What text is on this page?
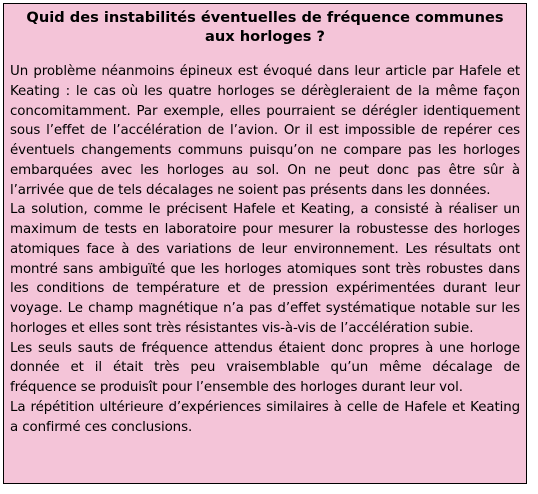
Quid des instabilités éventuelles de fréquence communes aux horloges ?

Un problème néanmoins épineux est évoqué dans leur article par Hafele et Keating : le cas où les quatre horloges se dérègleraient de la même façon concomitamment. Par exemple, elles pourraient se dérégler identiquement sous l’effet de l’accélération de l’avion. Or il est impossible de repérer ces éventuels changements communs puisqu’on ne compare pas les horloges embarquées avec les horloges au sol. On ne peut donc pas être sûr à l’arrivée que de tels décalages ne soient pas présents dans les données.

La solution, comme le précisent Hafele et Keating, a consisté à réaliser un maximum de tests en laboratoire pour mesurer la robustesse des horloges atomiques face à des variations de leur environnement. Les résultats ont montré sans ambiguïté que les horloges atomiques sont très robustes dans les conditions de température et de pression expérimentées durant leur voyage. Le champ magnétique n’a pas d’effet systématique notable sur les horloges et elles sont très résistantes vis-à-vis de l’accélération subie.

Les seuls sauts de fréquence attendus étaient donc propres à une horloge donnée et il était très peu vraisemblable qu’un même décalage de fréquence se produisît pour l’ensemble des horloges durant leur vol.

La répétition ultérieure d’expériences similaires à celle de Hafele et Keating a confirmé ces conclusions.
